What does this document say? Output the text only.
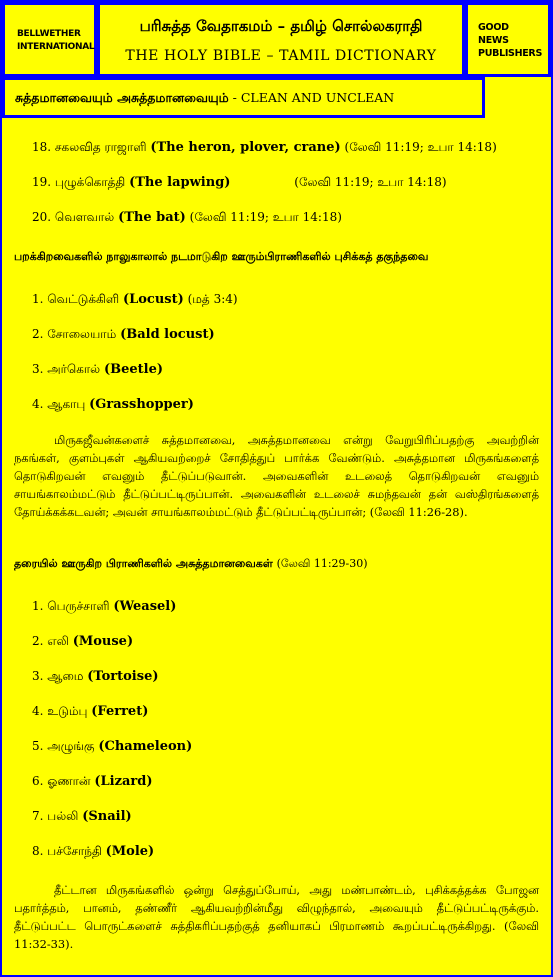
BELLWETHER
INTERNATIONAL
பரிசுத்த வேதாகமம் – தமிழ் சொல்லகராதி
THE HOLY BIBLE – TAMIL DICTIONARY
GOOD NEWS
PUBLISHERS
சுத்தமானவையும் அசுத்தமானவையும் - CLEAN AND UNCLEAN
18. சகலவித ராஜாளி (The heron, plover, crane) (லேவி 11:19; உபா 14:18)
19. புழுக்கொத்தி (The lapwing)	(லேவி 11:19; உபா 14:18)
20. வௌவால் (The bat) (லேவி 11:19; உபா 14:18)
பறக்கிறவைகளில் நாலுகாலால் நடமாடுகிற ஊரும்பிராணிகளில் புசிக்கத் தகுந்தவை
1. வெட்டுக்கிளி (Locust) (மத் 3:4)
2. சோலையாம் (Bald locust)
3. அர்கொல் (Beetle)
4. ஆகாபு (Grasshopper)
மிருகஜீவன்களைச் சுத்தமானவை, அசுத்தமானவை என்று வேறுபிரிப்பதற்கு அவற்றின் நகங்கள், குளம்புகள் ஆகியவற்றைச் சோதித்துப் பார்க்க வேண்டும். அசுத்தமான மிருகங்களைத் தொடுகிறவன் எவனும் தீட்டுப்படுவான். அவைகளின் உடலைத் தொடுகிறவன் எவனும் சாயங்காலம்மட்டும் தீட்டுப்பட்டிருப்பான். அவைகளின் உடலைச் சுமந்தவன் தன் வஸ்திரங்களைத் தோய்க்கக்கடவன்; அவன் சாயங்காலம்மட்டும் தீட்டுப்பட்டிருப்பான்; (லேவி 11:26-28).
தரையில் ஊருகிற பிராணிகளில் அசுத்தமானவைகள் (லேவி 11:29-30)
1. பெருச்சாளி (Weasel)
2. எலி (Mouse)
3. ஆமை (Tortoise)
4. உடும்பு (Ferret)
5. அழுங்கு (Chameleon)
6. ஓணான் (Lizard)
7. பல்லி (Snail)
8. பச்சோந்தி (Mole)
தீட்டான மிருகங்களில் ஒன்று செத்துப்போய், அது மண்பாண்டம், புசிக்கத்தக்க போஜன பதார்த்தம், பானம், தண்ணீர் ஆகியவற்றின்மீது விழுந்தால், அவையும் தீட்டுப்பட்டிருக்கும். தீட்டுப்பட்ட பொருட்களைச் சுத்திகரிப்பதற்குத் தனியாகப் பிரமாணம் கூறப்பட்டிருக்கிறது. (லேவி 11:32-33).
